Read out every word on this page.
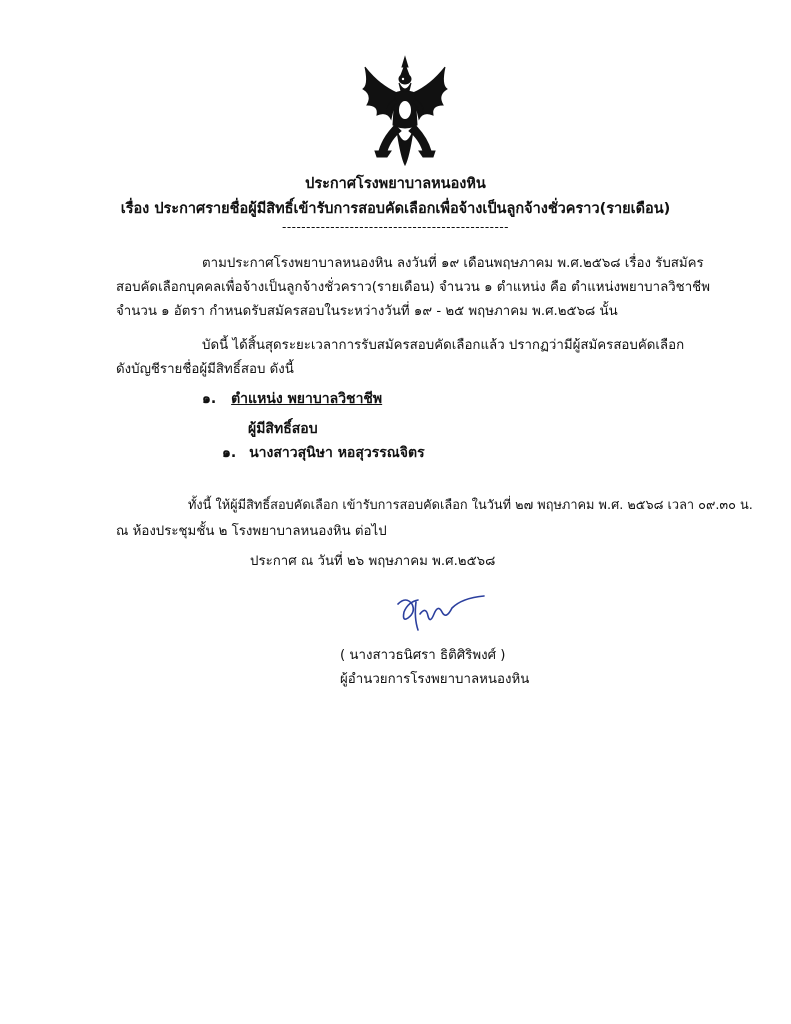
ประกาศโรงพยาบาลหนองหิน
เรื่อง ประกาศรายชื่อผู้มีสิทธิ์เข้ารับการสอบคัดเลือกเพื่อจ้างเป็นลูกจ้างชั่วคราว(รายเดือน)
-----------------------------------------------
ตามประกาศโรงพยาบาลหนองหิน ลงวันที่ ๑๙ เดือนพฤษภาคม พ.ศ.๒๕๖๘ เรื่อง รับสมัคร
สอบคัดเลือกบุคคลเพื่อจ้างเป็นลูกจ้างชั่วคราว(รายเดือน) จำนวน ๑ ตำแหน่ง คือ ตำแหน่งพยาบาลวิชาชีพ
จำนวน ๑ อัตรา กำหนดรับสมัครสอบในระหว่างวันที่ ๑๙ - ๒๕ พฤษภาคม พ.ศ.๒๕๖๘ นั้น
บัดนี้ ได้สิ้นสุดระยะเวลาการรับสมัครสอบคัดเลือกแล้ว ปรากฏว่ามีผู้สมัครสอบคัดเลือก
ดังบัญชีรายชื่อผู้มีสิทธิ์สอบ ดังนี้
๑. ตำแหน่ง พยาบาลวิชาชีพ
ผู้มีสิทธิ์สอบ
๑. นางสาวสุนิษา หอสุวรรณจิตร
ทั้งนี้ ให้ผู้มีสิทธิ์สอบคัดเลือก เข้ารับการสอบคัดเลือก ในวันที่ ๒๗ พฤษภาคม พ.ศ. ๒๕๖๘ เวลา ๐๙.๓๐ น.
ณ ห้องประชุมชั้น ๒ โรงพยาบาลหนองหิน ต่อไป
ประกาศ ณ วันที่ ๒๖ พฤษภาคม พ.ศ.๒๕๖๘
( นางสาวธนิศรา ธิติศิริพงศ์ )
ผู้อำนวยการโรงพยาบาลหนองหิน
